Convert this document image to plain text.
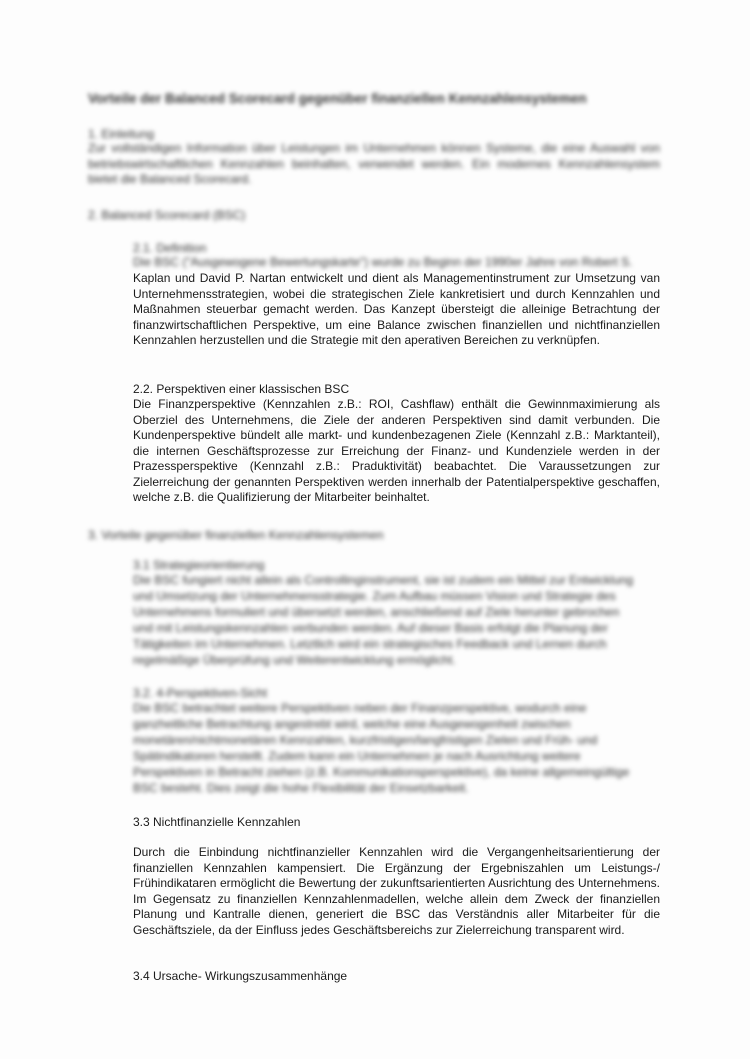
Vorteile der Balanced Scorecard gegenüber finanziellen Kennzahlensystemen
1. Einleitung
Zur vollständigen Information über Leistungen im Unternehmen können Systeme, die eine Auswahl von betriebswirtschaftlichen Kennzahlen beinhalten, verwendet werden. Ein modernes Kennzahlensystem bietet die Balanced Scorecard.
2. Balanced Scorecard (BSC)
2.1. Definition
Die BSC ("Ausgewogene Bewertungskarte") wurde zu Beginn der 1990er Jahre von Robert S.
Kaplan und David P. Nartan entwickelt und dient als Managementinstrument zur Umsetzung van Unternehmensstrategien, wobei die strategischen Ziele kankretisiert und durch Kennzahlen und Maßnahmen steuerbar gemacht werden. Das Kanzept übersteigt die alleinige Betrachtung der finanzwirtschaftlichen Perspektive, um eine Balance zwischen finanziellen und nichtfinanziellen Kennzahlen herzustellen und die Strategie mit den aperativen Bereichen zu verknüpfen.
2.2. Perspektiven einer klassischen BSC
Die Finanzperspektive (Kennzahlen z.B.: ROI, Cashflaw) enthält die Gewinnmaximierung als Oberziel des Unternehmens, die Ziele der anderen Perspektiven sind damit verbunden. Die Kundenperspektive bündelt alle markt- und kundenbezagenen Ziele (Kennzahl z.B.: Marktanteil), die internen Geschäftsprozesse zur Erreichung der Finanz- und Kundenziele werden in der Prazessperspektive (Kennzahl z.B.: Praduktivität) beabachtet. Die Varaussetzungen zur Zielerreichung der genannten Perspektiven werden innerhalb der Patentialperspektive geschaffen, welche z.B. die Qualifizierung der Mitarbeiter beinhaltet.
3. Vorteile gegenüber finanziellen Kennzahlensystemen
3.1 Strategieorientierung
Die BSC fungiert nicht allein als Controllinginstrument, sie ist zudem ein Mittel zur Entwicklung
und Umsetzung der Unternehmensstrategie. Zum Aufbau müssen Vision und Strategie des
Unternehmens formuliert und übersetzt werden, anschließend auf Ziele herunter gebrochen
und mit Leistungskennzahlen verbunden werden. Auf dieser Basis erfolgt die Planung der
Tätigkeiten im Unternehmen. Letztlich wird ein strategisches Feedback und Lernen durch
regelmäßige Überprüfung und Weiterentwicklung ermöglicht.
3.2. 4-Perspektiven-Sicht
Die BSC betrachtet weitere Perspektiven neben der Finanzperspektive, wodurch eine
ganzheitliche Betrachtung angestrebt wird, welche eine Ausgewogenheit zwischen
monetären/nichtmonetären Kennzahlen, kurzfristigen/langfristigen Zielen und Früh- und
Spätindikatoren herstellt. Zudem kann ein Unternehmen je nach Ausrichtung weitere
Perspektiven in Betracht ziehen (z.B. Kommunikationsperspektive), da keine allgemeingültige
BSC besteht. Dies zeigt die hohe Flexibilität der Einsetzbarkeit.
3.3 Nichtfinanzielle Kennzahlen
Durch die Einbindung nichtfinanzieller Kennzahlen wird die Vergangenheitsarientierung der finanziellen Kennzahlen kampensiert. Die Ergänzung der Ergebniszahlen um Leistungs-/ Frühindikataren ermöglicht die Bewertung der zukunftsarientierten Ausrichtung des Unternehmens. Im Gegensatz zu finanziellen Kennzahlenmadellen, welche allein dem Zweck der finanziellen Planung und Kantralle dienen, generiert die BSC das Verständnis aller Mitarbeiter für die Geschäftsziele, da der Einfluss jedes Geschäftsbereichs zur Zielerreichung transparent wird.
3.4 Ursache- Wirkungszusammenhänge
